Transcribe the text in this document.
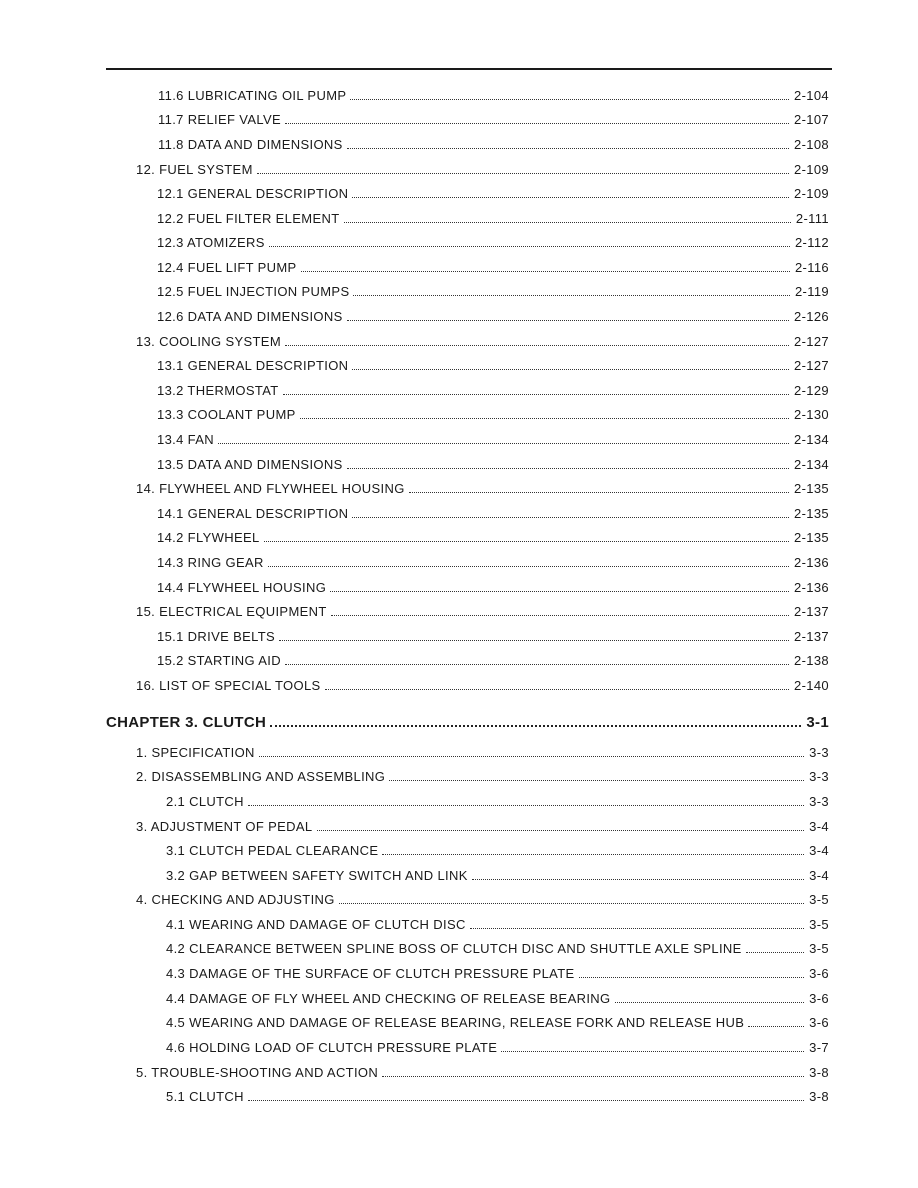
11.6 LUBRICATING OIL PUMP	2-104
11.7 RELIEF VALVE	2-107
11.8 DATA AND DIMENSIONS	2-108
12. FUEL SYSTEM	2-109
12.1 GENERAL DESCRIPTION	2-109
12.2 FUEL FILTER ELEMENT	2-111
12.3 ATOMIZERS	2-112
12.4 FUEL LIFT PUMP	2-116
12.5 FUEL INJECTION PUMPS	2-119
12.6 DATA AND DIMENSIONS	2-126
13. COOLING SYSTEM	2-127
13.1 GENERAL DESCRIPTION	2-127
13.2 THERMOSTAT	2-129
13.3 COOLANT PUMP	2-130
13.4 FAN	2-134
13.5 DATA AND DIMENSIONS	2-134
14. FLYWHEEL AND FLYWHEEL HOUSING	2-135
14.1 GENERAL DESCRIPTION	2-135
14.2 FLYWHEEL	2-135
14.3 RING GEAR	2-136
14.4 FLYWHEEL HOUSING	2-136
15. ELECTRICAL EQUIPMENT	2-137
15.1 DRIVE BELTS	2-137
15.2 STARTING AID	2-138
16. LIST OF SPECIAL TOOLS	2-140
CHAPTER 3. CLUTCH	3-1
1. SPECIFICATION	3-3
2. DISASSEMBLING AND ASSEMBLING	3-3
2.1 CLUTCH	3-3
3. ADJUSTMENT OF PEDAL	3-4
3.1 CLUTCH PEDAL CLEARANCE	3-4
3.2 GAP BETWEEN SAFETY SWITCH AND LINK	3-4
4. CHECKING AND ADJUSTING	3-5
4.1 WEARING AND DAMAGE OF CLUTCH DISC	3-5
4.2 CLEARANCE BETWEEN SPLINE BOSS OF CLUTCH DISC AND SHUTTLE AXLE SPLINE	3-5
4.3 DAMAGE OF THE SURFACE OF CLUTCH PRESSURE PLATE	3-6
4.4 DAMAGE OF FLY WHEEL AND CHECKING OF RELEASE BEARING	3-6
4.5 WEARING AND DAMAGE OF RELEASE BEARING, RELEASE FORK AND RELEASE HUB	3-6
4.6 HOLDING LOAD OF CLUTCH PRESSURE PLATE	3-7
5. TROUBLE-SHOOTING AND ACTION	3-8
5.1 CLUTCH	3-8
